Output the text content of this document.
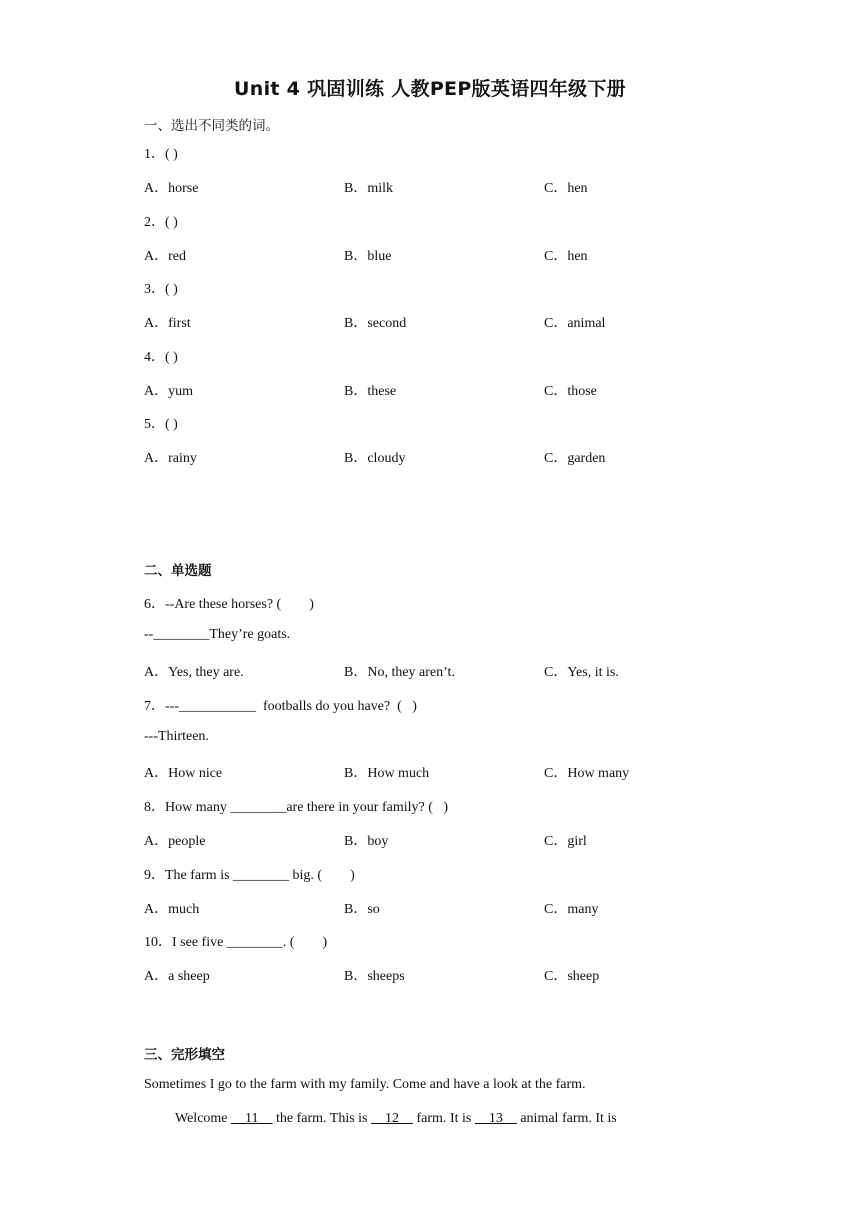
Unit 4 巩固训练 人教PEP版英语四年级下册
一、选出不同类的词。
1．( )
A．horse	B．milk	C．hen
2．( )
A．red	B．blue	C．hen
3．( )
A．first	B．second	C．animal
4．( )
A．yum	B．these	C．those
5．( )
A．rainy	B．cloudy	C．garden
二、单选题
6．--Are these horses? (        )
--________They’re goats.
A．Yes, they are.	B．No, they aren’t.	C．Yes, it is.
7．---___________  footballs do you have?  (   )
---Thirteen.
A．How nice	B．How much	C．How many
8．How many ________are there in your family? (   )
A．people	B．boy	C．girl
9．The farm is ________ big. (        )
A．much	B．so	C．many
10．I see five ________. (        )
A．a sheep	B．sheeps	C．sheep
三、完形填空
Sometimes I go to the farm with my family. Come and have a look at the farm.
Welcome     11     the farm. This is     12     farm. It is     13     animal farm. It is
